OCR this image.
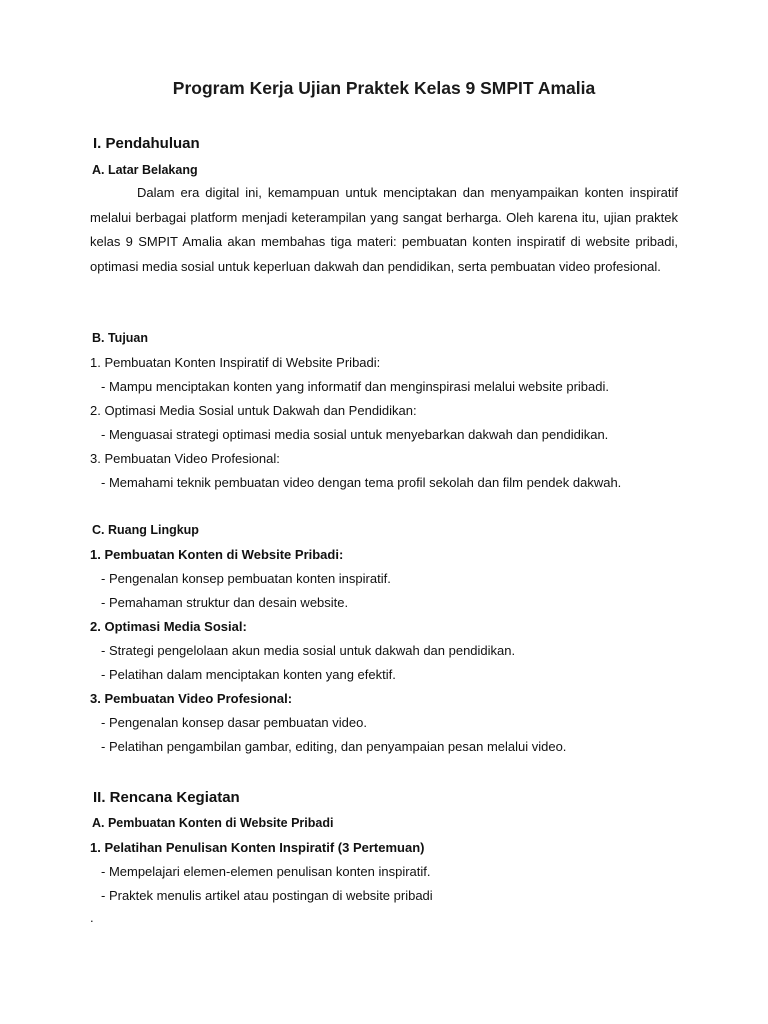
Program Kerja Ujian Praktek Kelas 9 SMPIT Amalia
I. Pendahuluan
A. Latar Belakang
Dalam era digital ini, kemampuan untuk menciptakan dan menyampaikan konten inspiratif melalui berbagai platform menjadi keterampilan yang sangat berharga. Oleh karena itu, ujian praktek kelas 9 SMPIT Amalia akan membahas tiga materi: pembuatan konten inspiratif di website pribadi, optimasi media sosial untuk keperluan dakwah dan pendidikan, serta pembuatan video profesional.
B. Tujuan
1. Pembuatan Konten Inspiratif di Website Pribadi:
- Mampu menciptakan konten yang informatif dan menginspirasi melalui website pribadi.
2. Optimasi Media Sosial untuk Dakwah dan Pendidikan:
- Menguasai strategi optimasi media sosial untuk menyebarkan dakwah dan pendidikan.
3. Pembuatan Video Profesional:
- Memahami teknik pembuatan video dengan tema profil sekolah dan film pendek dakwah.
C. Ruang Lingkup
1. Pembuatan Konten di Website Pribadi:
- Pengenalan konsep pembuatan konten inspiratif.
- Pemahaman struktur dan desain website.
2. Optimasi Media Sosial:
- Strategi pengelolaan akun media sosial untuk dakwah dan pendidikan.
- Pelatihan dalam menciptakan konten yang efektif.
3. Pembuatan Video Profesional:
- Pengenalan konsep dasar pembuatan video.
- Pelatihan pengambilan gambar, editing, dan penyampaian pesan melalui video.
II. Rencana Kegiatan
A. Pembuatan Konten di Website Pribadi
1. Pelatihan Penulisan Konten Inspiratif (3 Pertemuan)
- Mempelajari elemen-elemen penulisan konten inspiratif.
- Praktek menulis artikel atau postingan di website pribadi
.
